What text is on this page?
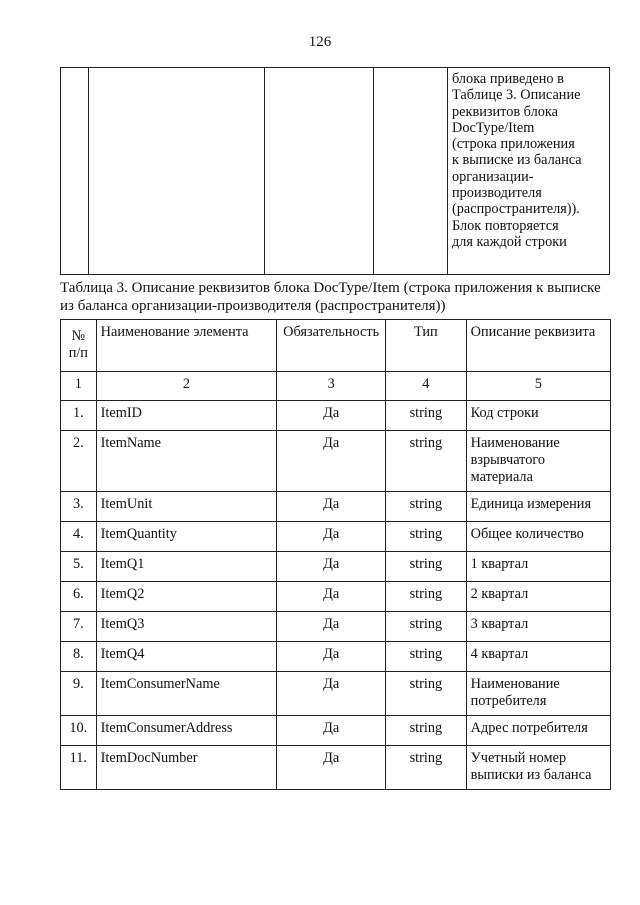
126

блока приведено в
Таблице 3. Описание
реквизитов блока
DocType/Item
(строка приложения
к выписке из баланса
организации-
производителя
(распространителя)).
Блок повторяется
для каждой строки
Таблица 3. Описание реквизитов блока DocType/Item (строка приложения к выписке
из баланса организации-производителя (распространителя))
№
п/п	Наименование элемента	Обязательность	Тип	Описание реквизита
1	2	3	4	5
1.	ItemID	Да	string	Код строки

2.	ItemName	Да	string	Наименование
взрывчатого
материала

3.	ItemUnit	Да	string	Единица измерения

4.	ItemQuantity	Да	string	Общее количество

5.	ItemQ1	Да	string	1 квартал

6.	ItemQ2	Да	string	2 квартал

7.	ItemQ3	Да	string	3 квартал

8.	ItemQ4	Да	string	4 квартал

9.	ItemConsumerName	Да	string	Наименование
потребителя

10.	ItemConsumerAddress	Да	string	Адрес потребителя

11.	ItemDocNumber	Да	string	Учетный номер
выписки из баланса
